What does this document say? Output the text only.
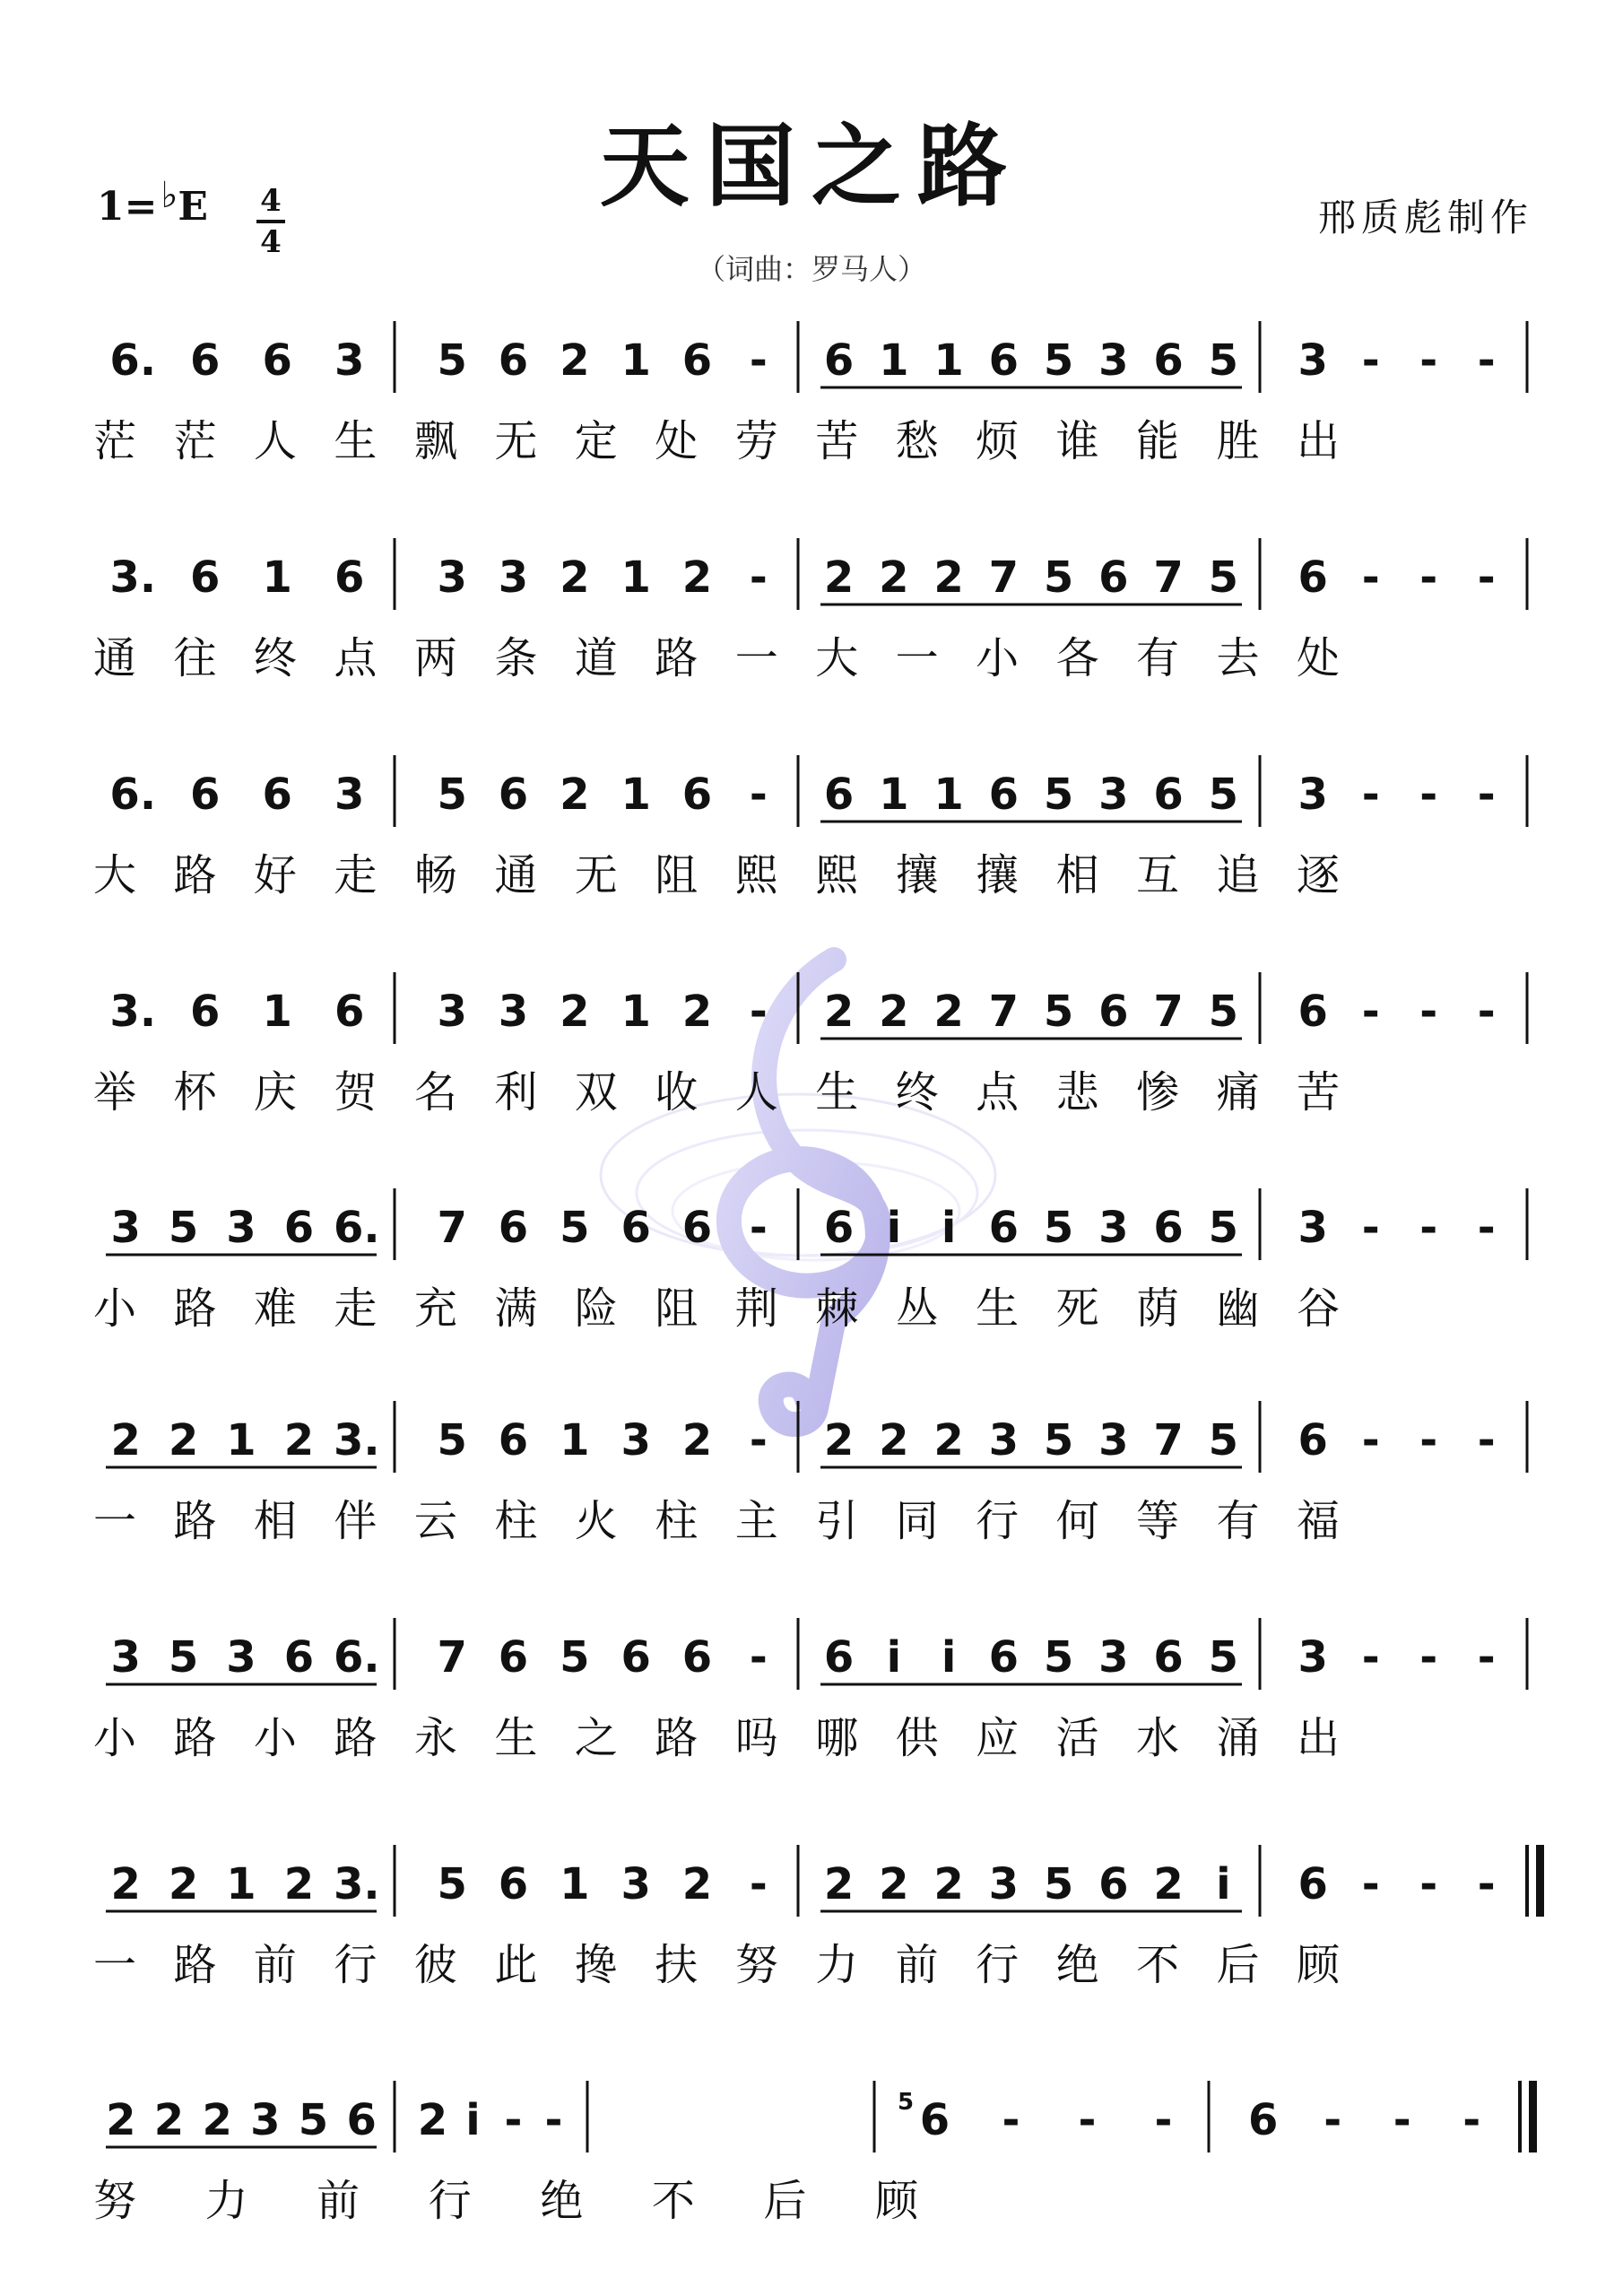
天国之路
1= ♭E 4
4
邢质彪制作
（词曲：罗马人）
6. 6 6 3 5 6 2 1 6 - 6 1 1 6 5 3 6 5 3 - - -
茫 茫 人 生 飘 无 定 处 劳 苦 愁 烦 谁 能 胜 出
3. 6 1 6 3 3 2 1 2 - 2 2 2 7 5 6 7 5 6 - - -
通 往 终 点 两 条 道 路 一 大 一 小 各 有 去 处
6. 6 6 3 5 6 2 1 6 - 6 1 1 6 5 3 6 5 3 - - -
大 路 好 走 畅 通 无 阻 熙 熙 攘 攘 相 互 追 逐
3. 6 1 6 3 3 2 1 2 - 2 2 2 7 5 6 7 5 6 - - -
举 杯 庆 贺 名 利 双 收 人 生 终 点 悲 惨 痛 苦
3 5 3 6 6. 7 6 5 6 6 - 6 i i 6 5 3 6 5 3 - - -
小 路 难 走 充 满 险 阻 荆 棘 丛 生 死 荫 幽 谷
2 2 1 2 3. 5 6 1 3 2 - 2 2 2 3 5 3 7 5 6 - - -
一 路 相 伴 云 柱 火 柱 主 引 同 行 何 等 有 福
3 5 3 6 6. 7 6 5 6 6 - 6 i i 6 5 3 6 5 3 - - -
小 路 小 路 永 生 之 路 吗 哪 供 应 活 水 涌 出
2 2 1 2 3. 5 6 1 3 2 - 2 2 2 3 5 6 2 i 6 - - -
一 路 前 行 彼 此 搀 扶 努 力 前 行 绝 不 后 顾
2 2 2 3 5 6 2 i - -	6 - - - 6 - - -
5
努 力 前 行 绝 不 后 顾
